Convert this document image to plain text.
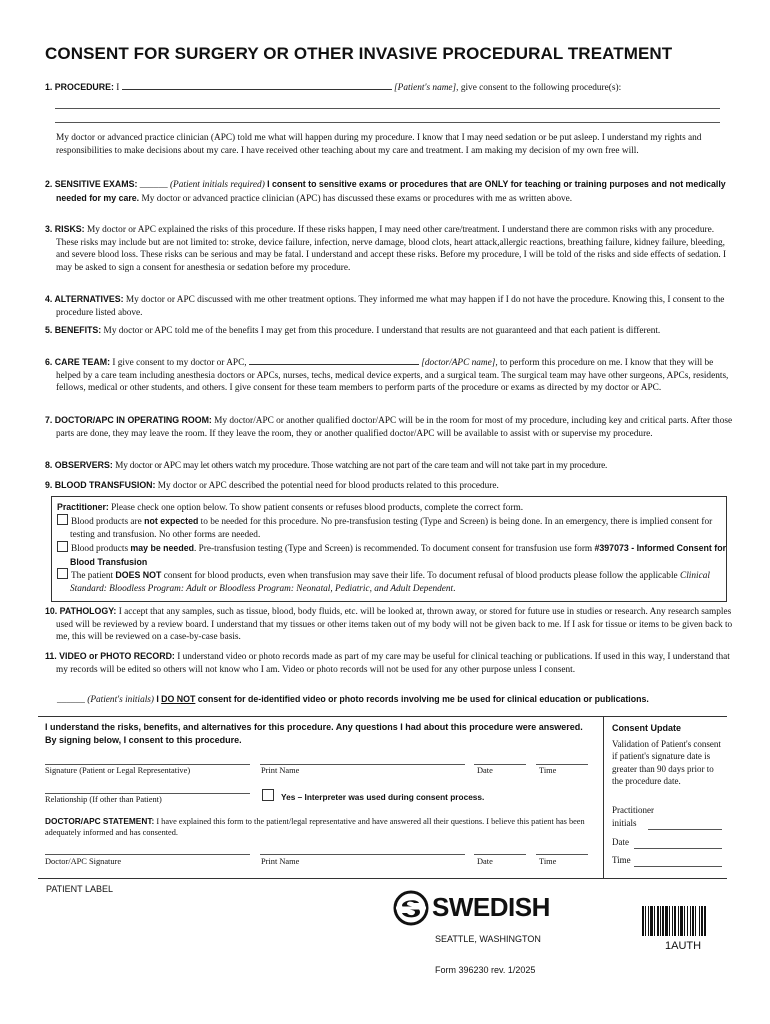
CONSENT FOR SURGERY OR OTHER INVASIVE PROCEDURAL TREATMENT
1. PROCEDURE: I	[Patient's name], give consent to the following procedure(s):
My doctor or advanced practice clinician (APC) told me what will happen during my procedure. I know that I may need sedation or be put asleep. I understand my rights and responsibilities to make decisions about my care. I have received other teaching about my care and treatment. I am making my decision of my own free will.
2. SENSITIVE EXAMS: ______ (Patient initials required) I consent to sensitive exams or procedures that are ONLY for teaching or training purposes and not medically needed for my care. My doctor or advanced practice clinician (APC) has discussed these exams or procedures with me as written above.
3. RISKS: My doctor or APC explained the risks of this procedure. If these risks happen, I may need other care/treatment. I understand there are common risks with any procedure. These risks may include but are not limited to: stroke, device failure, infection, nerve damage, blood clots, heart attack,allergic reactions, breathing failure, kidney failure, bleeding, and severe blood loss. These risks can be serious and may be fatal. I understand and accept these risks. Before my procedure, I will be told of the risks and side effects of sedation. I may be asked to sign a consent for anesthesia or sedation before my procedure.
4. ALTERNATIVES: My doctor or APC discussed with me other treatment options. They informed me what may happen if I do not have the procedure. Knowing this, I consent to the procedure listed above.
5. BENEFITS: My doctor or APC told me of the benefits I may get from this procedure. I understand that results are not guaranteed and that each patient is different.
6. CARE TEAM: I give consent to my doctor or APC,	[doctor/APC name], to perform this procedure on me. I know that they will be helped by a care team including anesthesia doctors or APCs, nurses, techs, medical device experts, and a surgical team. The surgical team may have other surgeons, APCs, residents, fellows, medical or other students, and others. I give consent for these team members to perform parts of the procedure or exams as directed by my doctor or APC.
7. DOCTOR/APC IN OPERATING ROOM: My doctor/APC or another qualified doctor/APC will be in the room for most of my procedure, including key and critical parts. After those parts are done, they may leave the room. If they leave the room, they or another qualified doctor/APC will be available to assist with or supervise my procedure.
8. OBSERVERS: My doctor or APC may let others watch my procedure. Those watching are not part of the care team and will not take part in my procedure.
9. BLOOD TRANSFUSION: My doctor or APC described the potential need for blood products related to this procedure.
Practitioner: Please check one option below. To show patient consents or refuses blood products, complete the correct form.
Blood products are not expected to be needed for this procedure. No pre-transfusion testing (Type and Screen) is being done. In an emergency, there is implied consent for testing and transfusion. No other forms are needed.
Blood products may be needed. Pre-transfusion testing (Type and Screen) is recommended. To document consent for transfusion use form #397073 - Informed Consent for Blood Transfusion
The patient DOES NOT consent for blood products, even when transfusion may save their life. To document refusal of blood products please follow the applicable Clinical Standard: Bloodless Program: Adult or Bloodless Program: Neonatal, Pediatric, and Adult Dependent.
10. PATHOLOGY: I accept that any samples, such as tissue, blood, body fluids, etc. will be looked at, thrown away, or stored for future use in studies or research. Any research samples used will be reviewed by a review board. I understand that my tissues or other items taken out of my body will not be given back to me. If I ask for tissue or items to be given back to me, this will be reviewed on a case-by-case basis.
11. VIDEO or PHOTO RECORD: I understand video or photo records made as part of my care may be useful for clinical teaching or publications. If used in this way, I understand that my records will be edited so others will not know who I am. Video or photo records will not be used for any other purpose unless I consent.
______ (Patient's initials) I DO NOT consent for de-identified video or photo records involving me be used for clinical education or publications.
I understand the risks, benefits, and alternatives for this procedure. Any questions I had about this procedure were answered. By signing below, I consent to this procedure.
Signature (Patient or Legal Representative)	Print Name	Date	Time
Relationship (If other than Patient)	Yes – Interpreter was used during consent process.
DOCTOR/APC STATEMENT: I have explained this form to the patient/legal representative and have answered all their questions. I believe this patient has been adequately informed and has consented.
Doctor/APC Signature	Print Name	Date	Time
Consent Update
Validation of Patient's consent if patient's signature date is greater than 90 days prior to the procedure date.
Practitioner
initials
Date
Time
PATIENT LABEL
SWEDISH
SEATTLE, WASHINGTON
Form 396230 rev. 1/2025
1AUTH
